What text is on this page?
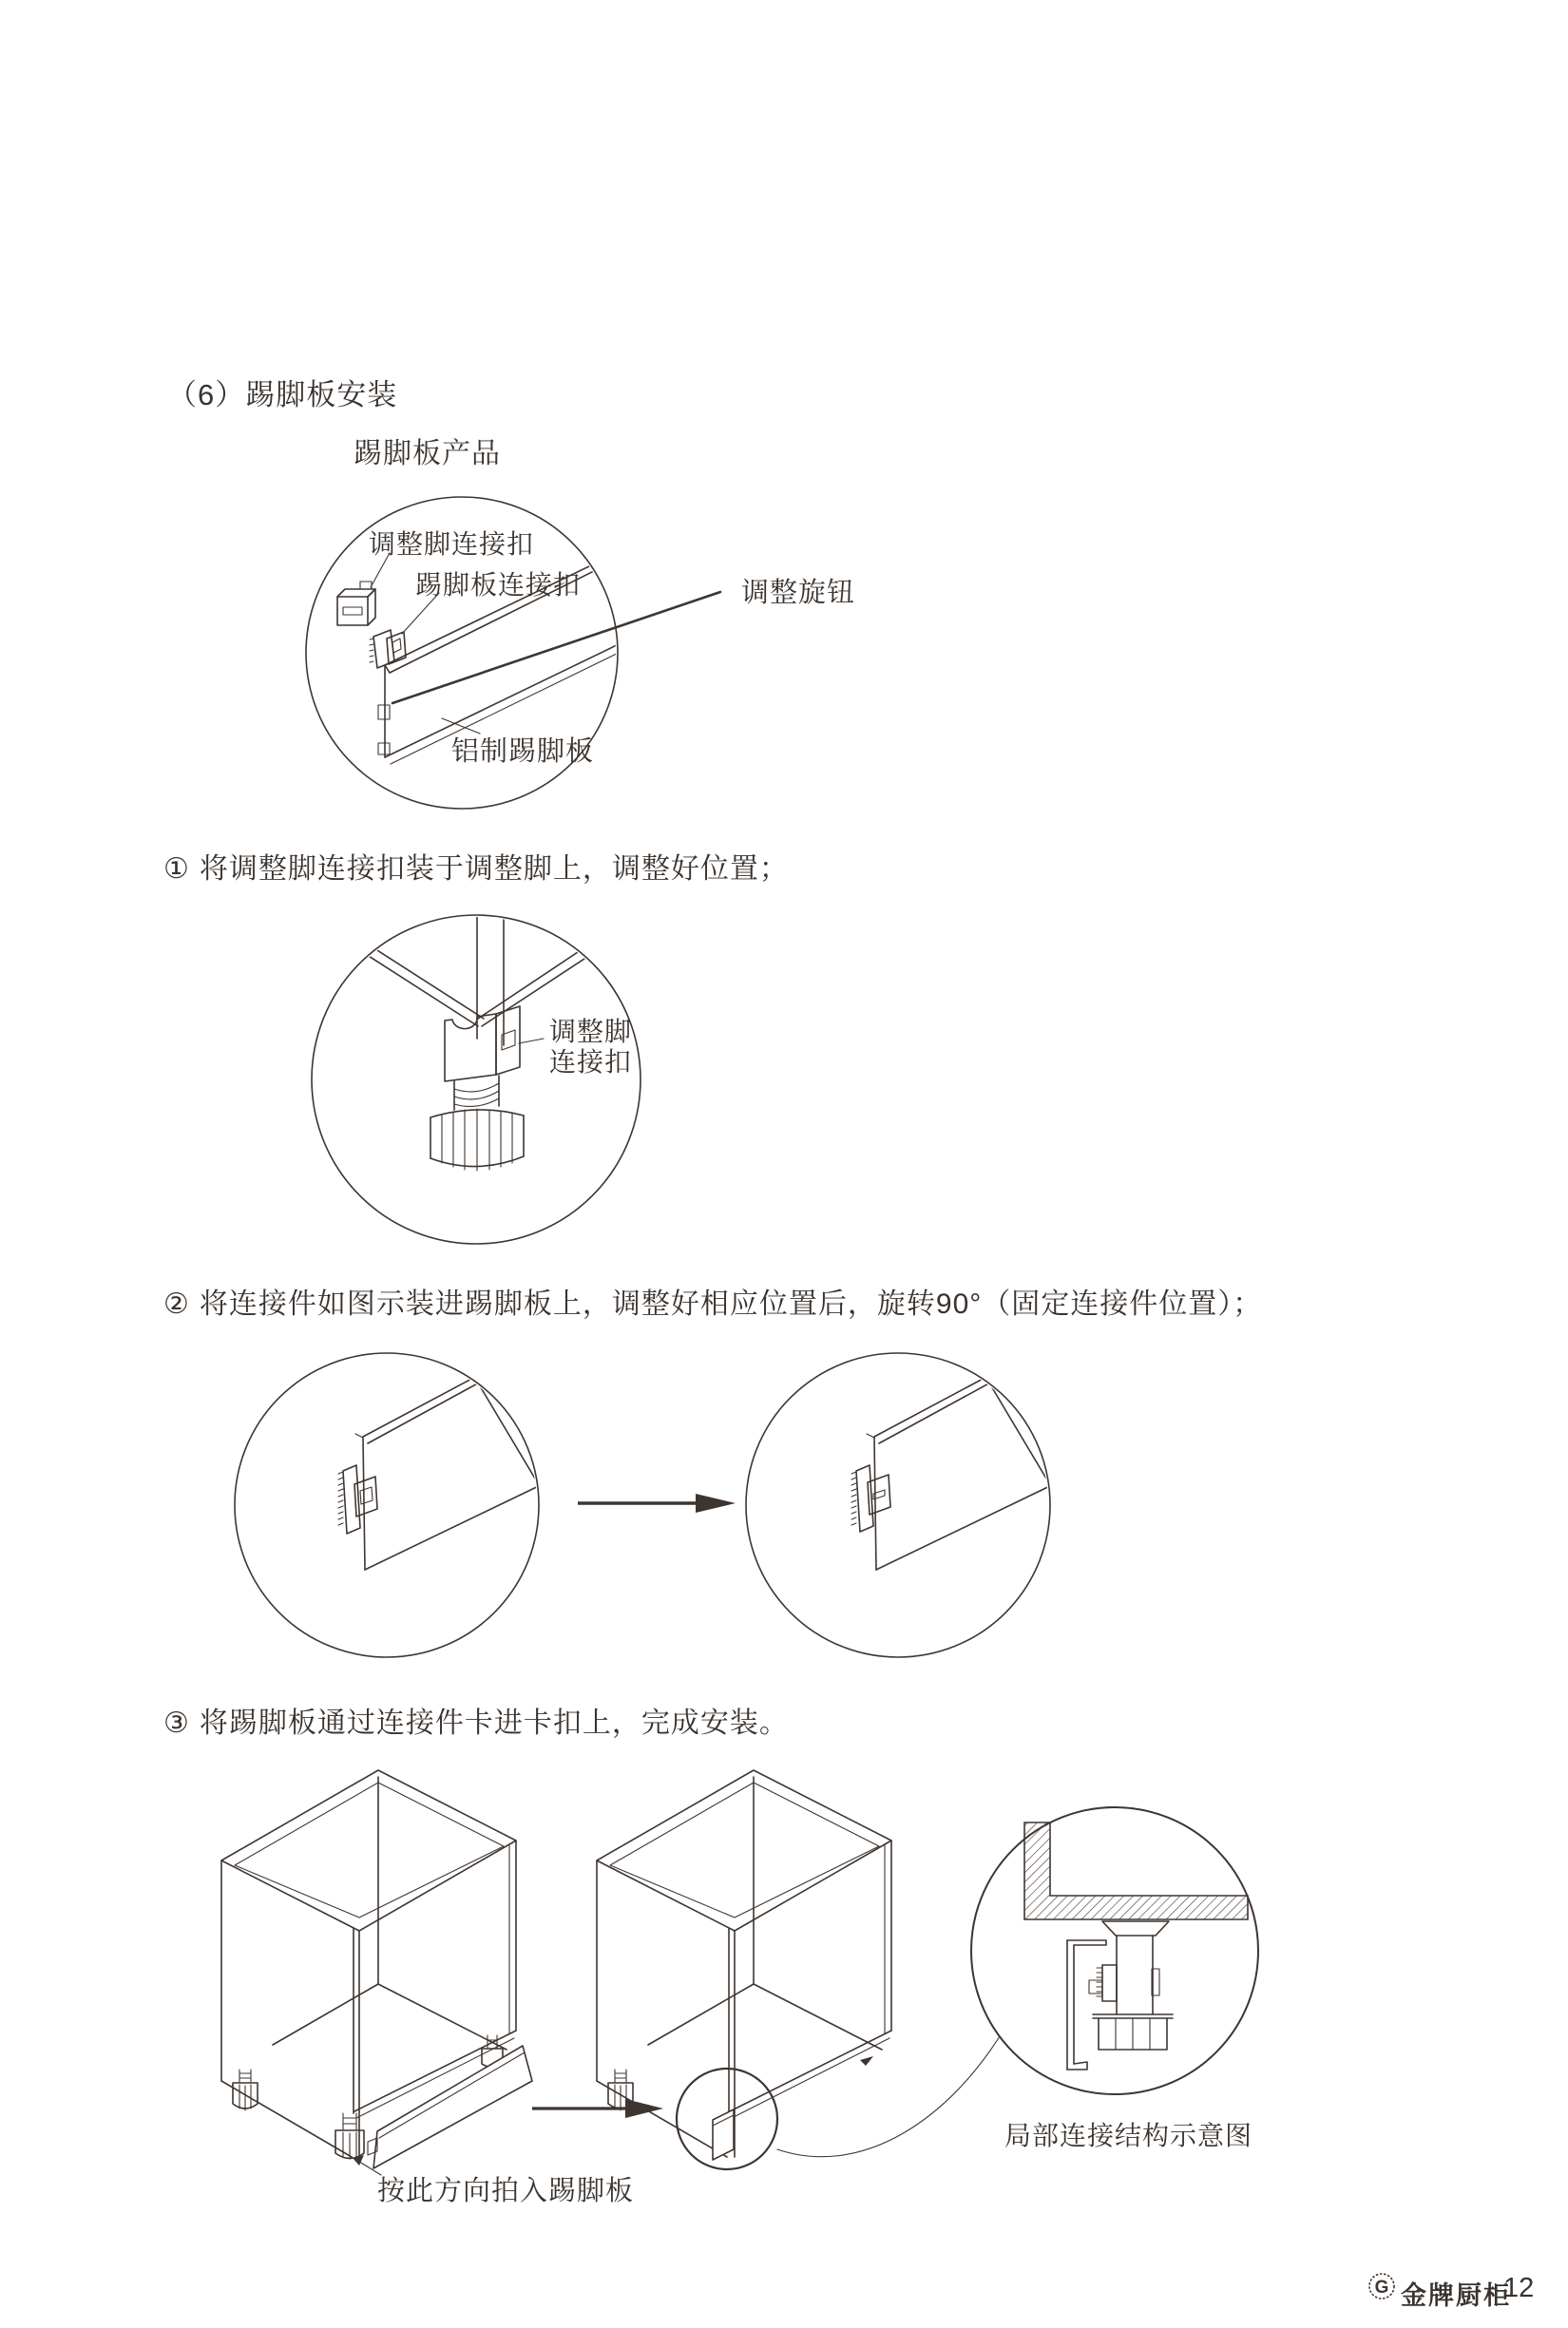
（6）踢脚板安装
踢脚板产品
调整脚连接扣
踢脚板连接扣	调整旋钮
铝制踢脚板
① 将调整脚连接扣装于调整脚上，调整好位置；
调整脚
连接扣
② 将连接件如图示装进踢脚板上，调整好相应位置后，旋转90°（固定连接件位置）；
③ 将踢脚板通过连接件卡进卡扣上，完成安装。
按此方向拍入踢脚板
局部连接结构示意图
G 金牌厨柜
12
